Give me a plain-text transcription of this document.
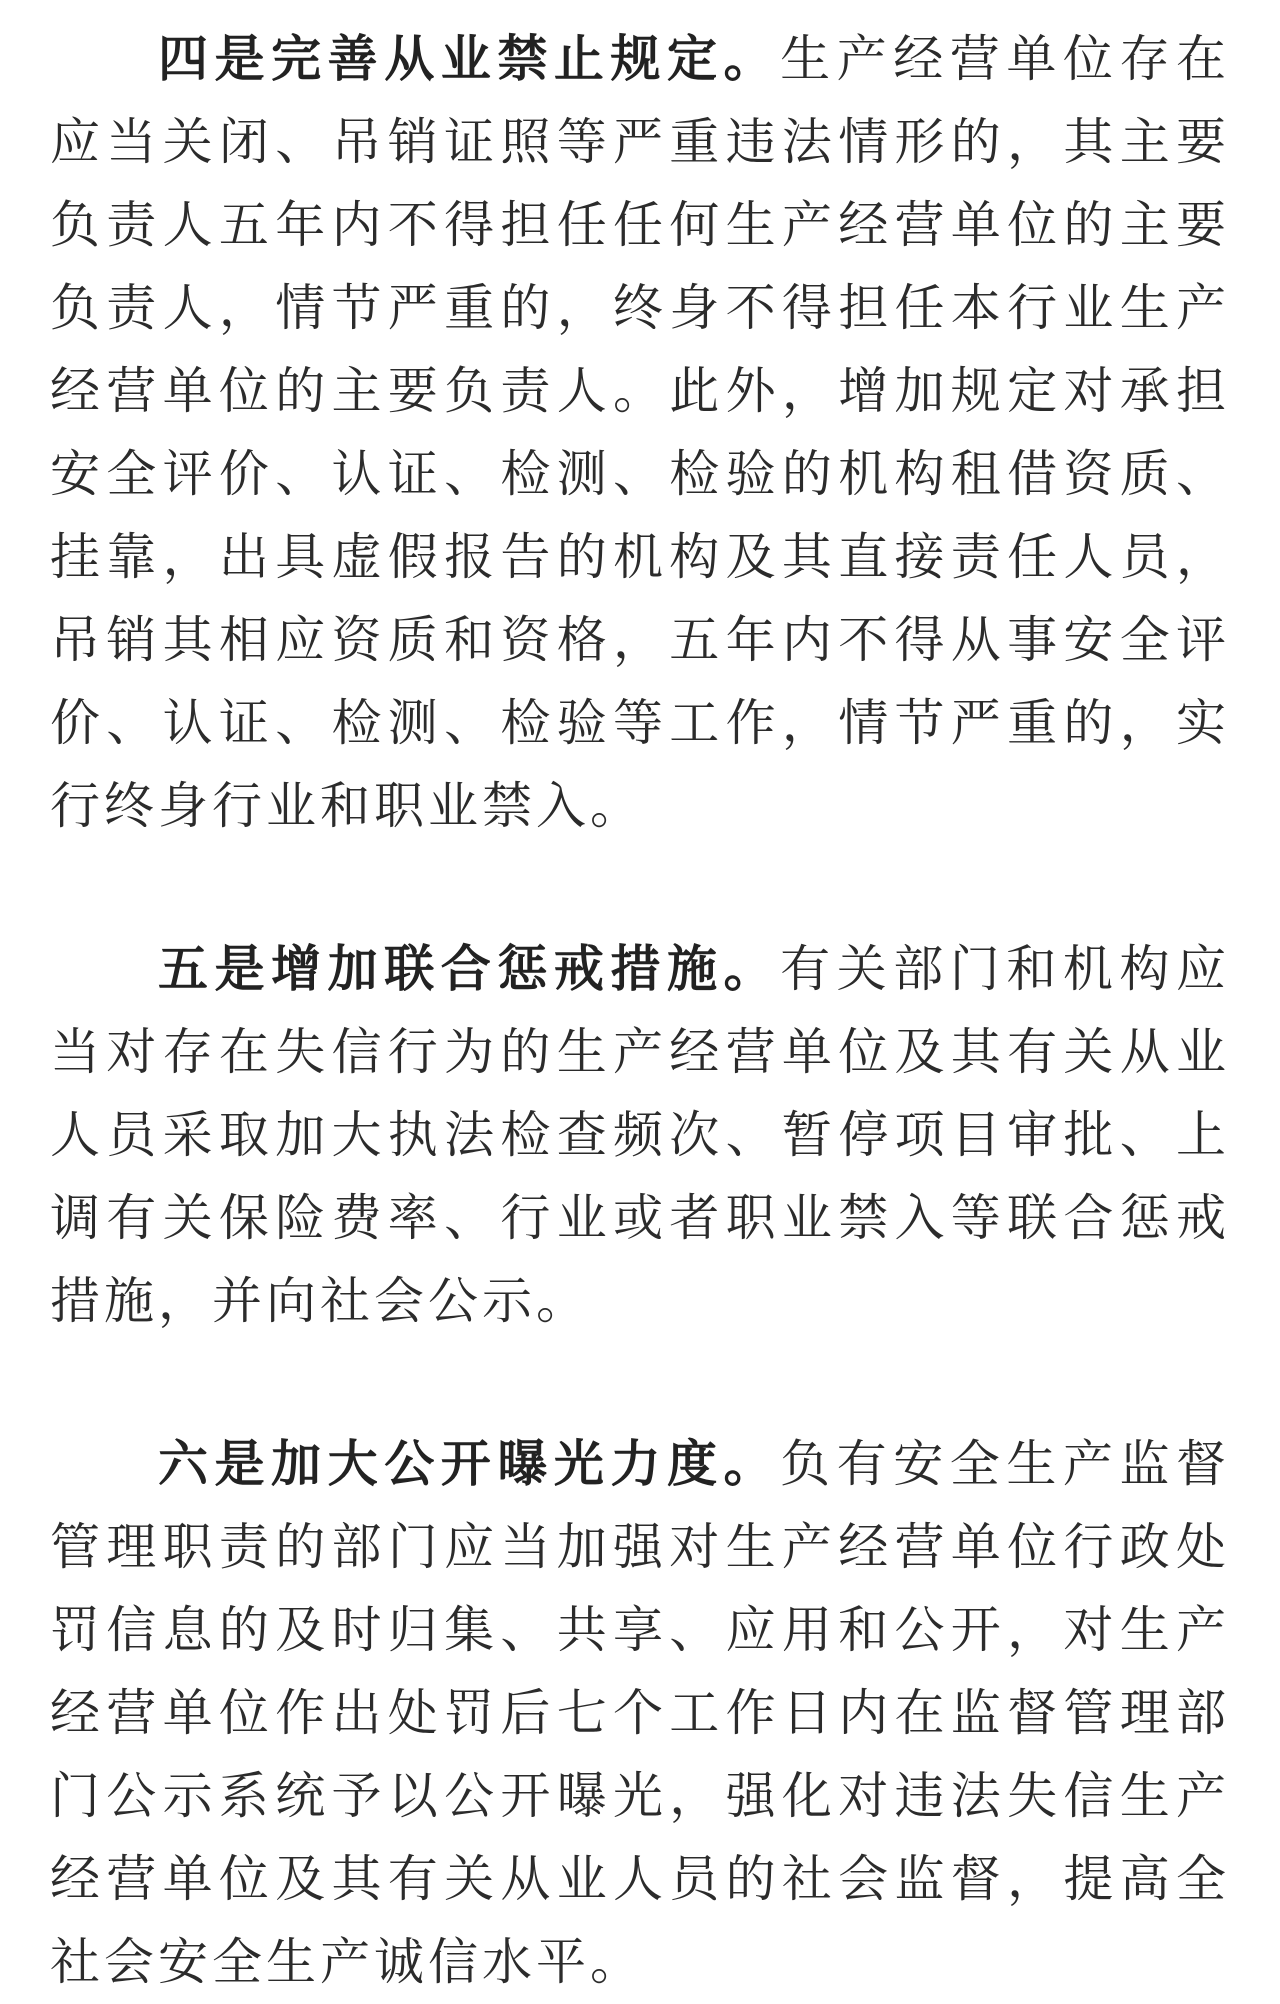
四是完善从业禁止规定。生产经营单位存在应当关闭、吊销证照等严重违法情形的，其主要负责人五年内不得担任任何生产经营单位的主要负责人，情节严重的，终身不得担任本行业生产经营单位的主要负责人。此外，增加规定对承担安全评价、认证、检测、检验的机构租借资质、挂靠，出具虚假报告的机构及其直接责任人员，吊销其相应资质和资格，五年内不得从事安全评价、认证、检测、检验等工作，情节严重的，实行终身行业和职业禁入。

五是增加联合惩戒措施。有关部门和机构应当对存在失信行为的生产经营单位及其有关从业人员采取加大执法检查频次、暂停项目审批、上调有关保险费率、行业或者职业禁入等联合惩戒措施，并向社会公示。

六是加大公开曝光力度。负有安全生产监督管理职责的部门应当加强对生产经营单位行政处罚信息的及时归集、共享、应用和公开，对生产经营单位作出处罚后七个工作日内在监督管理部门公示系统予以公开曝光，强化对违法失信生产经营单位及其有关从业人员的社会监督，提高全社会安全生产诚信水平。
